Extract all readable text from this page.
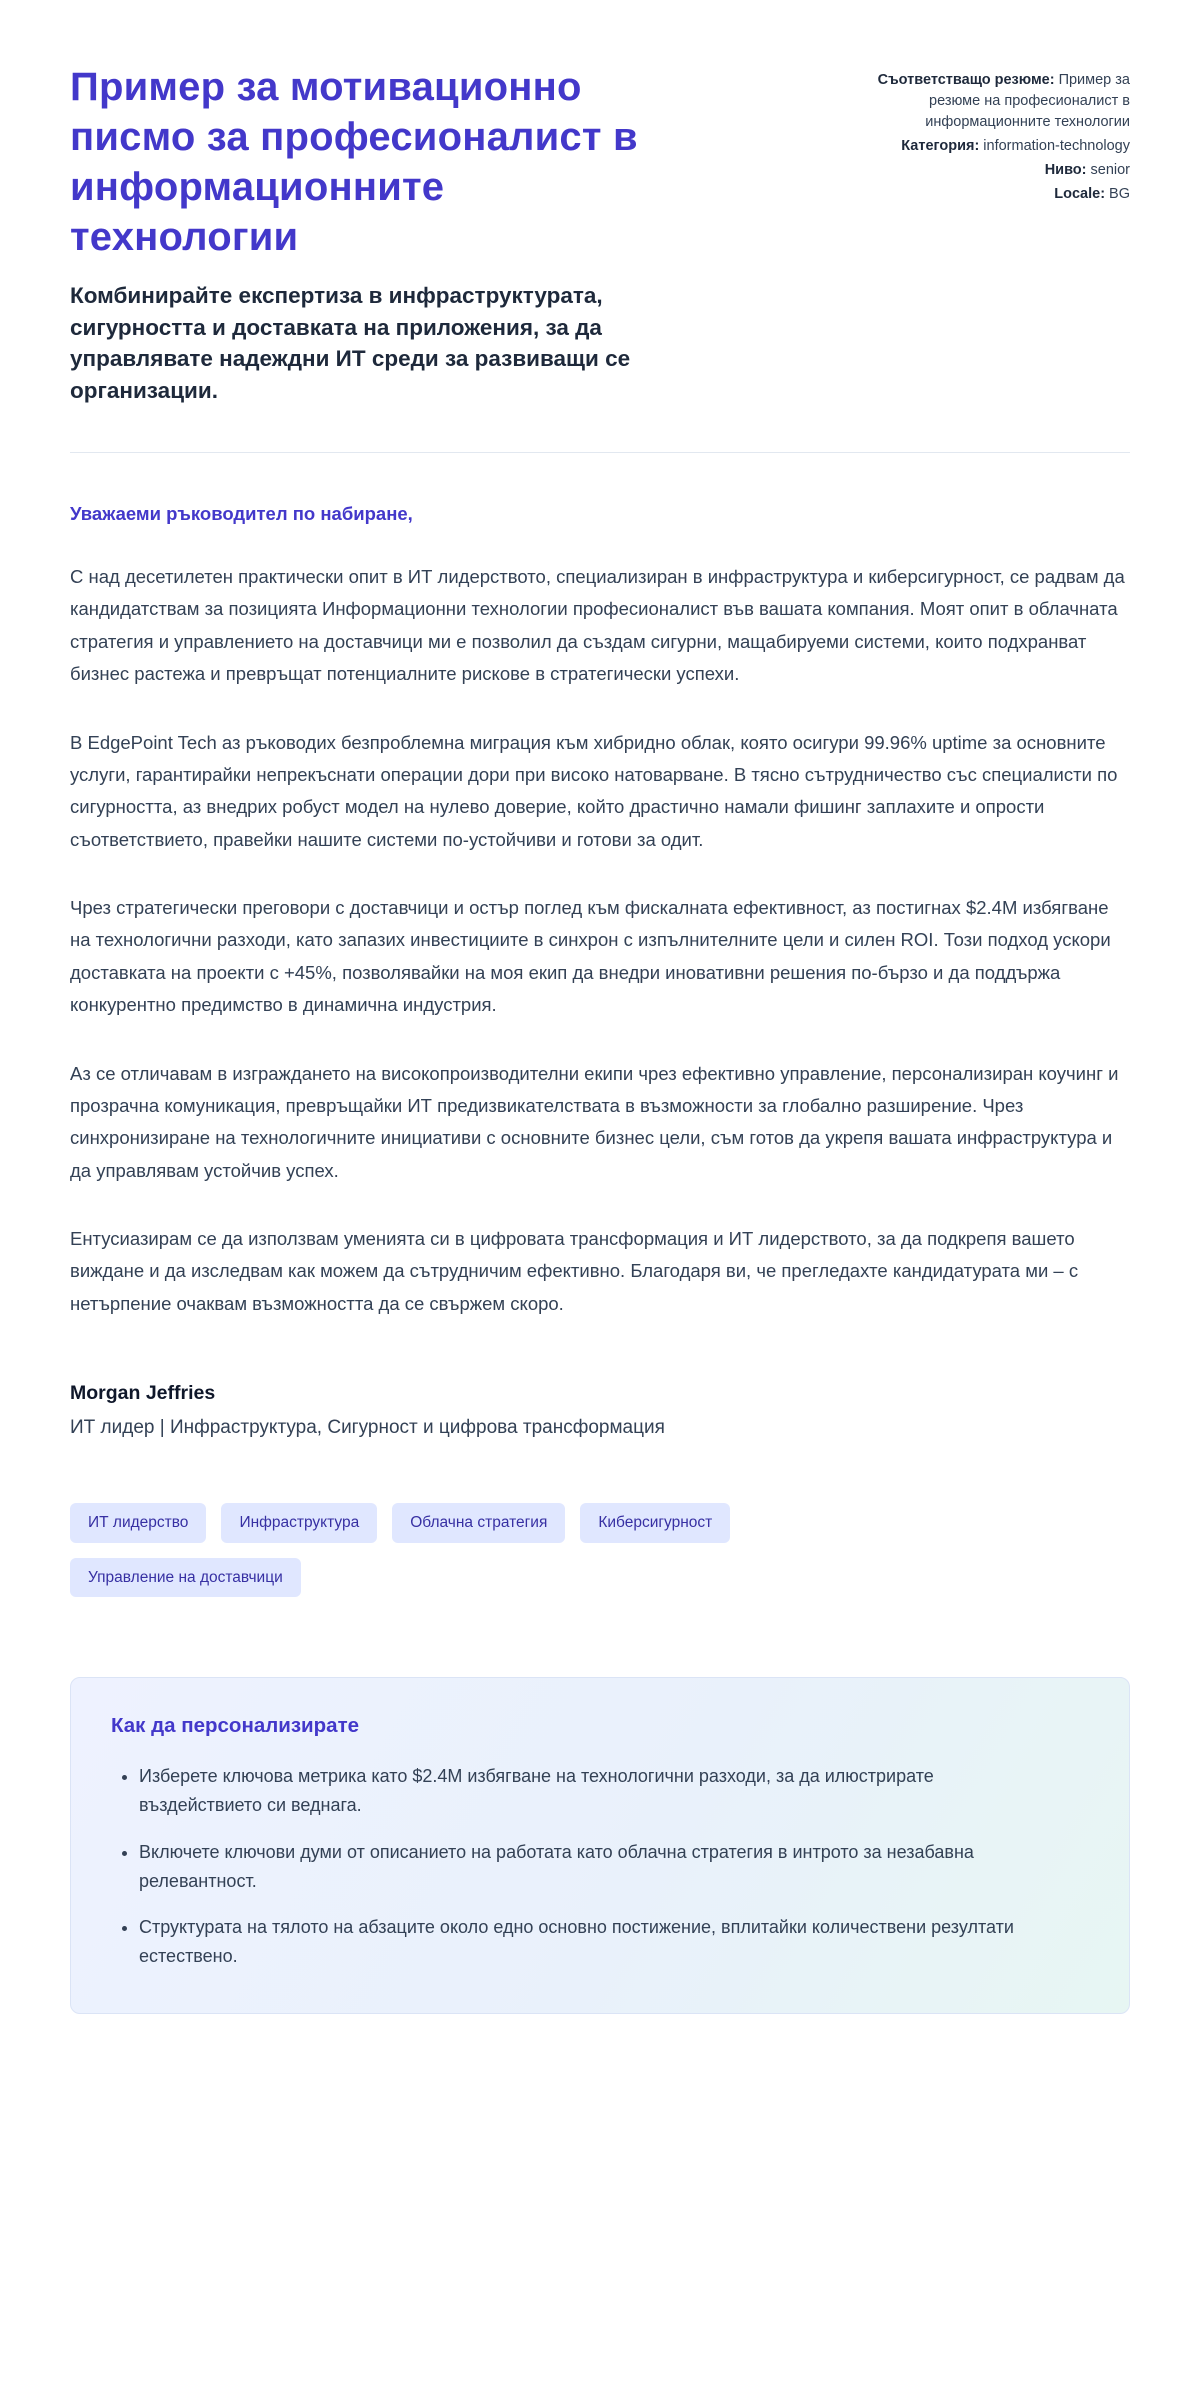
Пример за мотивационно писмо за професионалист в информационните технологии

Комбинирайте експертиза в инфраструктурата, сигурността и доставката на приложения, за да управлявате надеждни ИТ среди за развиващи се организации.

Съответстващо резюме: Пример за резюме на професионалист в информационните технологии
Категория: information-technology
Ниво: senior
Locale: BG

Уважаеми ръководител по набиране,

С над десетилетен практически опит в ИТ лидерството, специализиран в инфраструктура и киберсигурност, се радвам да кандидатствам за позицията Информационни технологии професионалист във вашата компания. Моят опит в облачната стратегия и управлението на доставчици ми е позволил да създам сигурни, мащабируеми системи, които подхранват бизнес растежа и превръщат потенциалните рискове в стратегически успехи.

В EdgePoint Tech аз ръководих безпроблемна миграция към хибридно облак, която осигури 99.96% uptime за основните услуги, гарантирайки непрекъснати операции дори при високо натоварване. В тясно сътрудничество със специалисти по сигурността, аз внедрих робуст модел на нулево доверие, който драстично намали фишинг заплахите и опрости съответствието, правейки нашите системи по-устойчиви и готови за одит.

Чрез стратегически преговори с доставчици и остър поглед към фискалната ефективност, аз постигнах $2.4M избягване на технологични разходи, като запазих инвестициите в синхрон с изпълнителните цели и силен ROI. Този подход ускори доставката на проекти с +45%, позволявайки на моя екип да внедри иновативни решения по-бързо и да поддържа конкурентно предимство в динамична индустрия.

Аз се отличавам в изграждането на високопроизводителни екипи чрез ефективно управление, персонализиран коучинг и прозрачна комуникация, превръщайки ИТ предизвикателствата в възможности за глобално разширение. Чрез синхронизиране на технологичните инициативи с основните бизнес цели, съм готов да укрепя вашата инфраструктура и да управлявам устойчив успех.

Ентусиазирам се да използвам уменията си в цифровата трансформация и ИТ лидерството, за да подкрепя вашето виждане и да изследвам как можем да сътрудничим ефективно. Благодаря ви, че прегледахте кандидатурата ми – с нетърпение очаквам възможността да се свържем скоро.

Morgan Jeffries

ИТ лидер | Инфраструктура, Сигурност и цифрова трансформация

ИТ лидерство	Инфраструктура	Облачна стратегия	Киберсигурност
Управление на доставчици
Как да персонализирате
• Изберете ключова метрика като $2.4M избягване на технологични разходи, за да илюстрирате въздействието си веднага.
• Включете ключови думи от описанието на работата като облачна стратегия в интрото за незабавна релевантност.
• Структурата на тялото на абзаците около едно основно постижение, вплитайки количествени резултати естествено.
